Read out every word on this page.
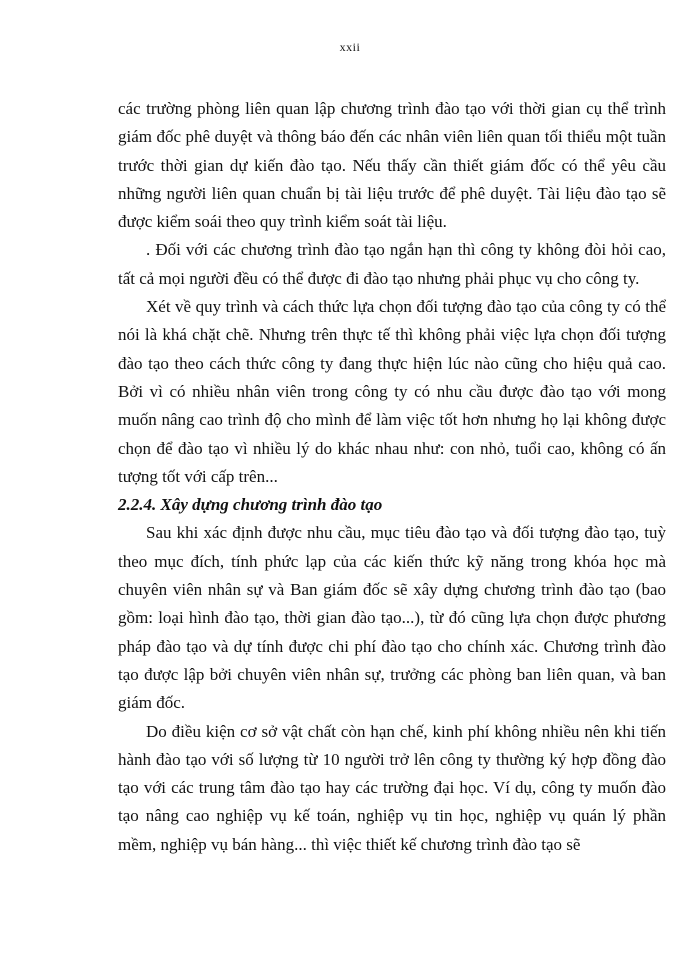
xxii

các trường phòng liên quan lập chương trình đào tạo với thời gian cụ thể trình giám đốc phê duyệt và thông báo đến các nhân viên liên quan tối thiểu một tuần trước thời gian dự kiến đào tạo. Nếu thấy cần thiết giám đốc có thể yêu cầu những người liên quan chuẩn bị tài liệu trước để phê duyệt. Tài liệu đào tạo sẽ được kiểm soái theo quy trình kiểm soát tài liệu.

. Đối với các chương trình đào tạo ngắn hạn thì công ty không đòi hỏi cao, tất cả mọi người đều có thể được đi đào tạo nhưng phải phục vụ cho công ty.

Xét về quy trình và cách thức lựa chọn đối tượng đào tạo của công ty có thể nói là khá chặt chẽ. Nhưng trên thực tế thì không phải việc lựa chọn đối tượng đào tạo theo cách thức công ty đang thực hiện lúc nào cũng cho hiệu quả cao. Bởi vì có nhiều nhân viên trong công ty có nhu cầu được đào tạo với mong muốn nâng cao trình độ cho mình để làm việc tốt hơn nhưng họ lại không được chọn để đào tạo vì nhiều lý do khác nhau như: con nhỏ, tuổi cao, không có ấn tượng tốt với cấp trên...

2.2.4. Xây dựng chương trình đào tạo

Sau khi xác định được nhu cầu, mục tiêu đào tạo và đối tượng đào tạo, tuỳ theo mục đích, tính phức lạp của các kiến thức kỹ năng trong khóa học mà chuyên viên nhân sự và Ban giám đốc sẽ xây dựng chương trình đào tạo (bao gồm: loại hình đào tạo, thời gian đào tạo...), từ đó cũng lựa chọn được phương pháp đào tạo và dự tính được chi phí đào tạo cho chính xác. Chương trình đào tạo được lập bởi chuyên viên nhân sự, trưởng các phòng ban liên quan, và ban giám đốc.

Do điều kiện cơ sở vật chất còn hạn chế, kinh phí không nhiều nên khi tiến hành đào tạo với số lượng từ 10 người trở lên công ty thường ký hợp đồng đào tạo với các trung tâm đào tạo hay các trường đại học. Ví dụ, công ty muốn đào tạo nâng cao nghiệp vụ kế toán, nghiệp vụ tin học, nghiệp vụ quán lý phần mềm, nghiệp vụ bán hàng... thì việc thiết kế chương trình đào tạo sẽ
